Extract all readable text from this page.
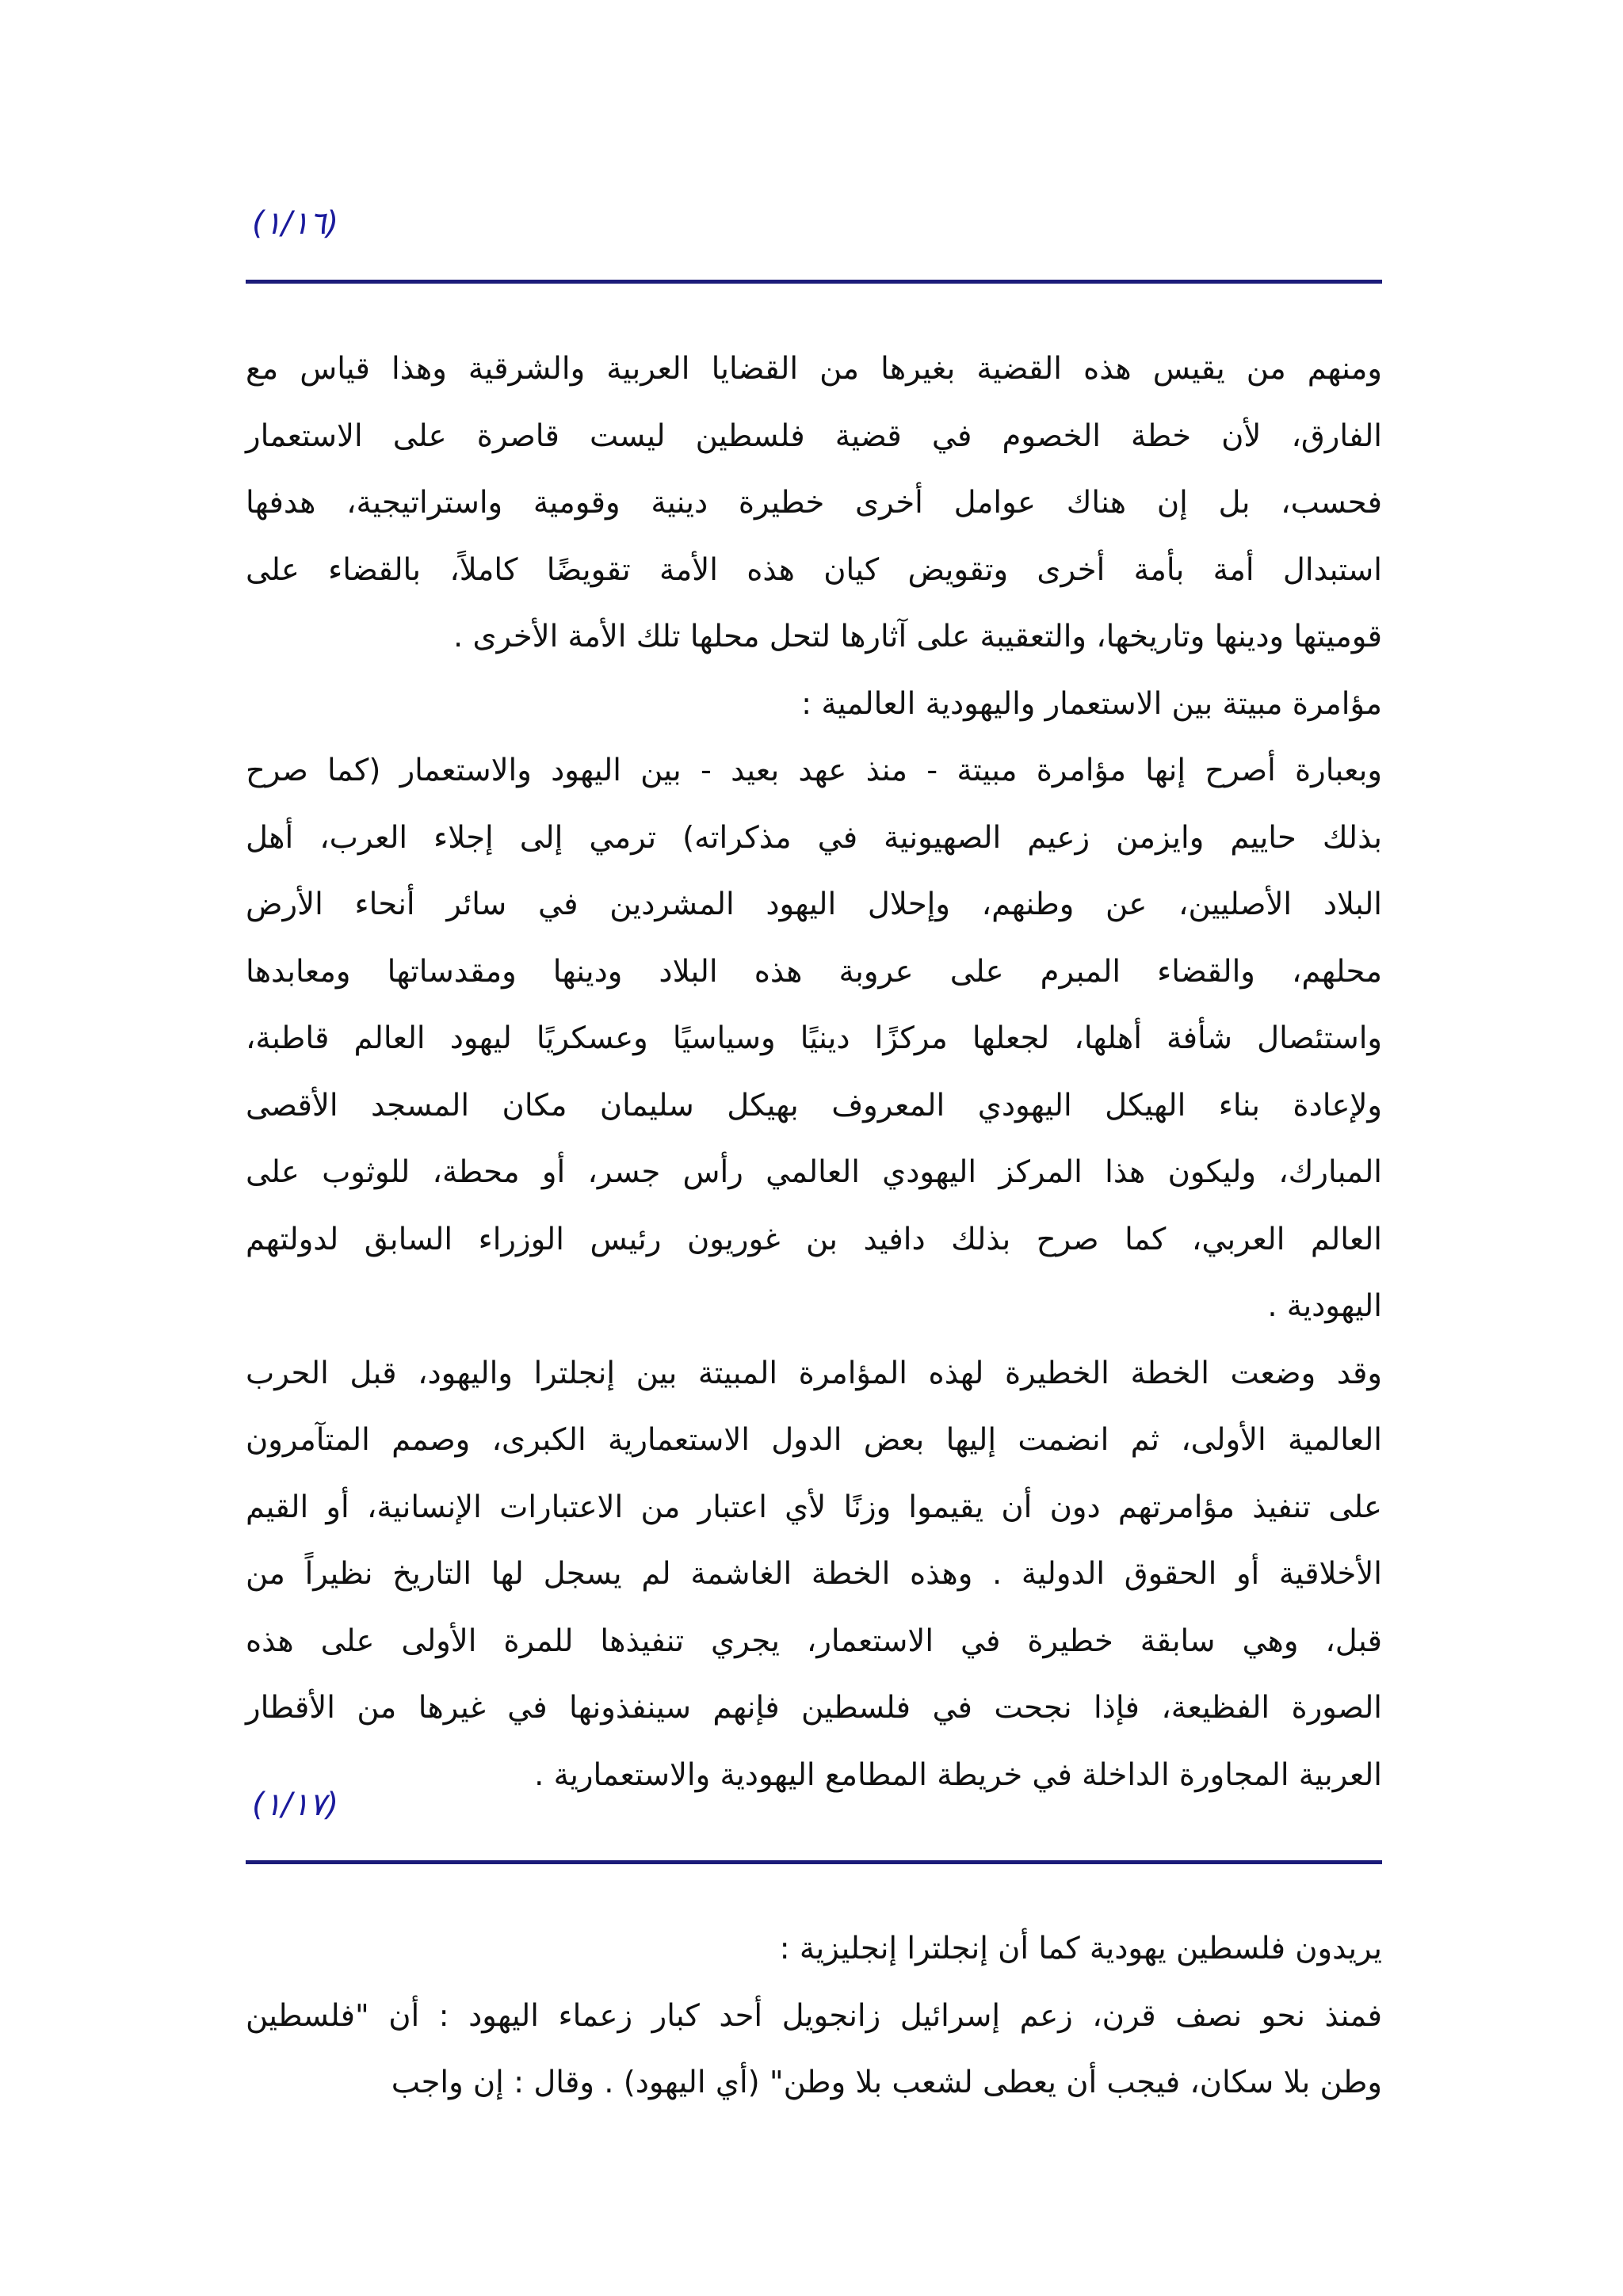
(١/١٦)

ومنهم من يقيس هذه القضية بغيرها من القضايا العربية والشرقية وهذا قياس مع
الفارق، لأن خطة الخصوم في قضية فلسطين ليست قاصرة على الاستعمار
فحسب، بل إن هناك عوامل أخرى خطيرة دينية وقومية واستراتيجية، هدفها
استبدال أمة بأمة أخرى وتقويض كيان هذه الأمة تقويضًا كاملاً، بالقضاء على
قوميتها ودينها وتاريخها، والتعقيبة على آثارها لتحل محلها تلك الأمة الأخرى .

مؤامرة مبيتة بين الاستعمار واليهودية العالمية :

وبعبارة أصرح إنها مؤامرة مبيتة - منذ عهد بعيد - بين اليهود والاستعمار (كما صرح
بذلك حاييم وايزمن زعيم الصهيونية في مذكراته) ترمي إلى إجلاء العرب، أهل
البلاد الأصليين، عن وطنهم، وإحلال اليهود المشردين في سائر أنحاء الأرض
محلهم، والقضاء المبرم على عروبة هذه البلاد ودينها ومقدساتها ومعابدها
واستئصال شأفة أهلها، لجعلها مركزًا دينيًا وسياسيًا وعسكريًا ليهود العالم قاطبة،
ولإعادة بناء الهيكل اليهودي المعروف بهيكل سليمان مكان المسجد الأقصى
المبارك، وليكون هذا المركز اليهودي العالمي رأس جسر، أو محطة، للوثوب على
العالم العربي، كما صرح بذلك دافيد بن غوريون رئيس الوزراء السابق لدولتهم
اليهودية .

وقد وضعت الخطة الخطيرة لهذه المؤامرة المبيتة بين إنجلترا واليهود، قبل الحرب
العالمية الأولى، ثم انضمت إليها بعض الدول الاستعمارية الكبرى، وصمم المتآمرون
على تنفيذ مؤامرتهم دون أن يقيموا وزنًا لأي اعتبار من الاعتبارات الإنسانية، أو القيم
الأخلاقية أو الحقوق الدولية . وهذه الخطة الغاشمة لم يسجل لها التاريخ نظيراً من
قبل، وهي سابقة خطيرة في الاستعمار، يجري تنفيذها للمرة الأولى على هذه
الصورة الفظيعة، فإذا نجحت في فلسطين فإنهم سينفذونها في غيرها من الأقطار
العربية المجاورة الداخلة في خريطة المطامع اليهودية والاستعمارية .

(١/١٧)

يريدون فلسطين يهودية كما أن إنجلترا إنجليزية :

فمنذ نحو نصف قرن، زعم إسرائيل زانجويل أحد كبار زعماء اليهود : أن "فلسطين
وطن بلا سكان، فيجب أن يعطى لشعب بلا وطن" (أي اليهود) . وقال : إن واجب
